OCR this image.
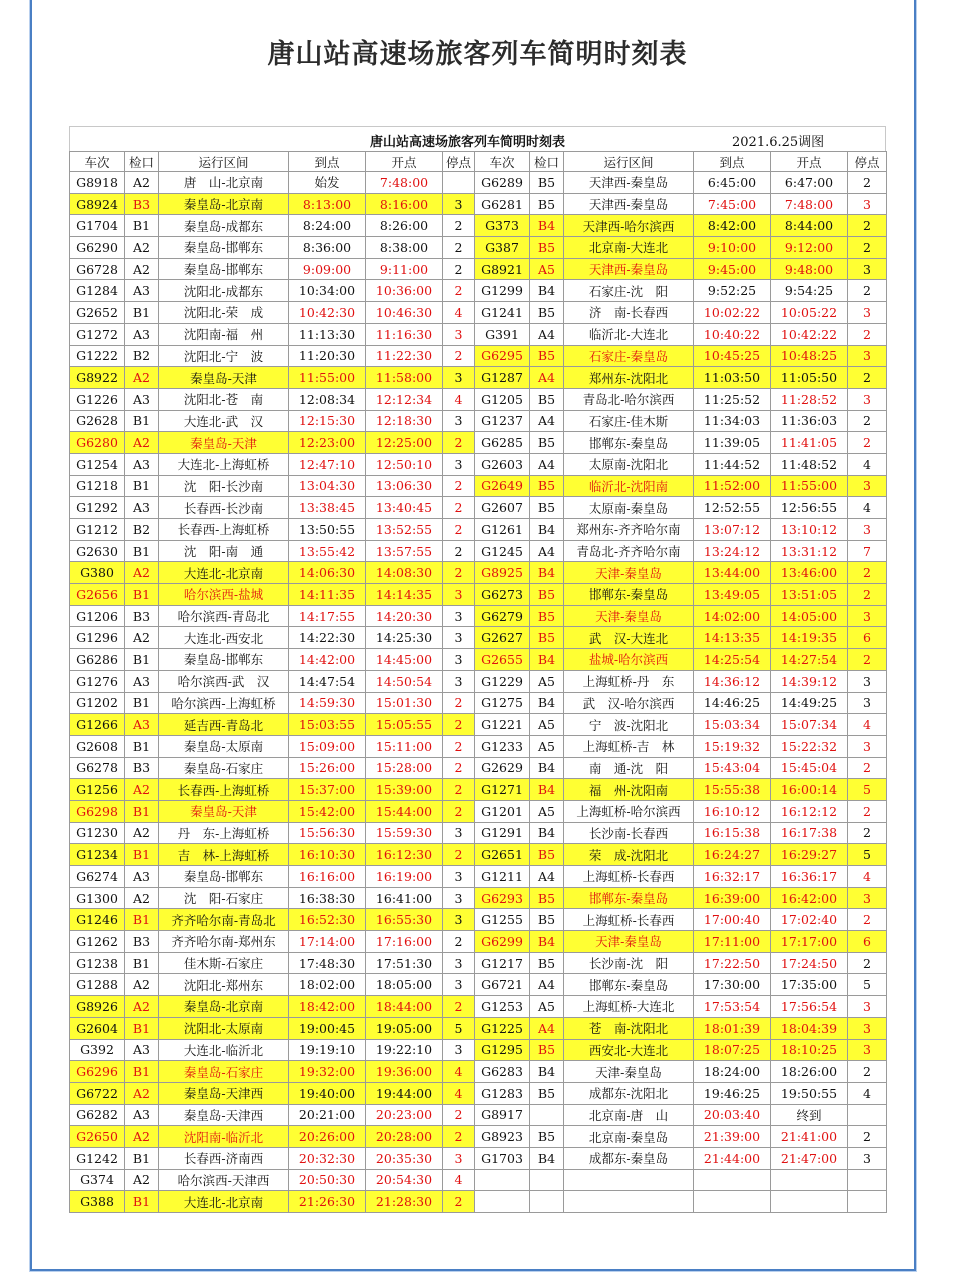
唐山站高速场旅客列车简明时刻表
唐山站高速场旅客列车简明时刻表	2021.6.25调图
车次	检口	运行区间	到点	开点	停点	车次	检口	运行区间	到点	开点	停点
G8918	A2	唐　山-北京南	始发	7:48:00		G6289	B5	天津西-秦皇岛	6:45:00	6:47:00	2
G8924	B3	秦皇岛-北京南	8:13:00	8:16:00	3	G6281	B5	天津西-秦皇岛	7:45:00	7:48:00	3
G1704	B1	秦皇岛-成都东	8:24:00	8:26:00	2	G373	B4	天津西-哈尔滨西	8:42:00	8:44:00	2
G6290	A2	秦皇岛-邯郸东	8:36:00	8:38:00	2	G387	B5	北京南-大连北	9:10:00	9:12:00	2
G6728	A2	秦皇岛-邯郸东	9:09:00	9:11:00	2	G8921	A5	天津西-秦皇岛	9:45:00	9:48:00	3
G1284	A3	沈阳北-成都东	10:34:00	10:36:00	2	G1299	B4	石家庄-沈　阳	9:52:25	9:54:25	2
G2652	B1	沈阳北-荣　成	10:42:30	10:46:30	4	G1241	B5	济　南-长春西	10:02:22	10:05:22	3
G1272	A3	沈阳南-福　州	11:13:30	11:16:30	3	G391	A4	临沂北-大连北	10:40:22	10:42:22	2
G1222	B2	沈阳北-宁　波	11:20:30	11:22:30	2	G6295	B5	石家庄-秦皇岛	10:45:25	10:48:25	3
G8922	A2	秦皇岛-天津	11:55:00	11:58:00	3	G1287	A4	郑州东-沈阳北	11:03:50	11:05:50	2
G1226	A3	沈阳北-苍　南	12:08:34	12:12:34	4	G1205	B5	青岛北-哈尔滨西	11:25:52	11:28:52	3
G2628	B1	大连北-武　汉	12:15:30	12:18:30	3	G1237	A4	石家庄-佳木斯	11:34:03	11:36:03	2
G6280	A2	秦皇岛-天津	12:23:00	12:25:00	2	G6285	B5	邯郸东-秦皇岛	11:39:05	11:41:05	2
G1254	A3	大连北-上海虹桥	12:47:10	12:50:10	3	G2603	A4	太原南-沈阳北	11:44:52	11:48:52	4
G1218	B1	沈　阳-长沙南	13:04:30	13:06:30	2	G2649	B5	临沂北-沈阳南	11:52:00	11:55:00	3
G1292	A3	长春西-长沙南	13:38:45	13:40:45	2	G2607	B5	太原南-秦皇岛	12:52:55	12:56:55	4
G1212	B2	长春西-上海虹桥	13:50:55	13:52:55	2	G1261	B4	郑州东-齐齐哈尔南	13:07:12	13:10:12	3
G2630	B1	沈　阳-南　通	13:55:42	13:57:55	2	G1245	A4	青岛北-齐齐哈尔南	13:24:12	13:31:12	7
G380	A2	大连北-北京南	14:06:30	14:08:30	2	G8925	B4	天津-秦皇岛	13:44:00	13:46:00	2
G2656	B1	哈尔滨西-盐城	14:11:35	14:14:35	3	G6273	B5	邯郸东-秦皇岛	13:49:05	13:51:05	2
G1206	B3	哈尔滨西-青岛北	14:17:55	14:20:30	3	G6279	B5	天津-秦皇岛	14:02:00	14:05:00	3
G1296	A2	大连北-西安北	14:22:30	14:25:30	3	G2627	B5	武　汉-大连北	14:13:35	14:19:35	6
G6286	B1	秦皇岛-邯郸东	14:42:00	14:45:00	3	G2655	B4	盐城-哈尔滨西	14:25:54	14:27:54	2
G1276	A3	哈尔滨西-武　汉	14:47:54	14:50:54	3	G1229	A5	上海虹桥-丹　东	14:36:12	14:39:12	3
G1202	B1	哈尔滨西-上海虹桥	14:59:30	15:01:30	2	G1275	B4	武　汉-哈尔滨西	14:46:25	14:49:25	3
G1266	A3	延吉西-青岛北	15:03:55	15:05:55	2	G1221	A5	宁　波-沈阳北	15:03:34	15:07:34	4
G2608	B1	秦皇岛-太原南	15:09:00	15:11:00	2	G1233	A5	上海虹桥-吉　林	15:19:32	15:22:32	3
G6278	B3	秦皇岛-石家庄	15:26:00	15:28:00	2	G2629	B4	南　通-沈　阳	15:43:04	15:45:04	2
G1256	A2	长春西-上海虹桥	15:37:00	15:39:00	2	G1271	B4	福　州-沈阳南	15:55:38	16:00:14	5
G6298	B1	秦皇岛-天津	15:42:00	15:44:00	2	G1201	A5	上海虹桥-哈尔滨西	16:10:12	16:12:12	2
G1230	A2	丹　东-上海虹桥	15:56:30	15:59:30	3	G1291	B4	长沙南-长春西	16:15:38	16:17:38	2
G1234	B1	吉　林-上海虹桥	16:10:30	16:12:30	2	G2651	B5	荣　成-沈阳北	16:24:27	16:29:27	5
G6274	A3	秦皇岛-邯郸东	16:16:00	16:19:00	3	G1211	A4	上海虹桥-长春西	16:32:17	16:36:17	4
G1300	A2	沈　阳-石家庄	16:38:30	16:41:00	3	G6293	B5	邯郸东-秦皇岛	16:39:00	16:42:00	3
G1246	B1	齐齐哈尔南-青岛北	16:52:30	16:55:30	3	G1255	B5	上海虹桥-长春西	17:00:40	17:02:40	2
G1262	B3	齐齐哈尔南-郑州东	17:14:00	17:16:00	2	G6299	B4	天津-秦皇岛	17:11:00	17:17:00	6
G1238	B1	佳木斯-石家庄	17:48:30	17:51:30	3	G1217	B5	长沙南-沈　阳	17:22:50	17:24:50	2
G1288	A2	沈阳北-郑州东	18:02:00	18:05:00	3	G6721	A4	邯郸东-秦皇岛	17:30:00	17:35:00	5
G8926	A2	秦皇岛-北京南	18:42:00	18:44:00	2	G1253	A5	上海虹桥-大连北	17:53:54	17:56:54	3
G2604	B1	沈阳北-太原南	19:00:45	19:05:00	5	G1225	A4	苍　南-沈阳北	18:01:39	18:04:39	3
G392	A3	大连北-临沂北	19:19:10	19:22:10	3	G1295	B5	西安北-大连北	18:07:25	18:10:25	3
G6296	B1	秦皇岛-石家庄	19:32:00	19:36:00	4	G6283	B4	天津-秦皇岛	18:24:00	18:26:00	2
G6722	A2	秦皇岛-天津西	19:40:00	19:44:00	4	G1283	B5	成都东-沈阳北	19:46:25	19:50:55	4
G6282	A3	秦皇岛-天津西	20:21:00	20:23:00	2	G8917		北京南-唐　山	20:03:40	终到	
G2650	A2	沈阳南-临沂北	20:26:00	20:28:00	2	G8923	B5	北京南-秦皇岛	21:39:00	21:41:00	2
G1242	B1	长春西-济南西	20:32:30	20:35:30	3	G1703	B4	成都东-秦皇岛	21:44:00	21:47:00	3
G374	A2	哈尔滨西-天津西	20:50:30	20:54:30	4						
G388	B1	大连北-北京南	21:26:30	21:28:30	2						
